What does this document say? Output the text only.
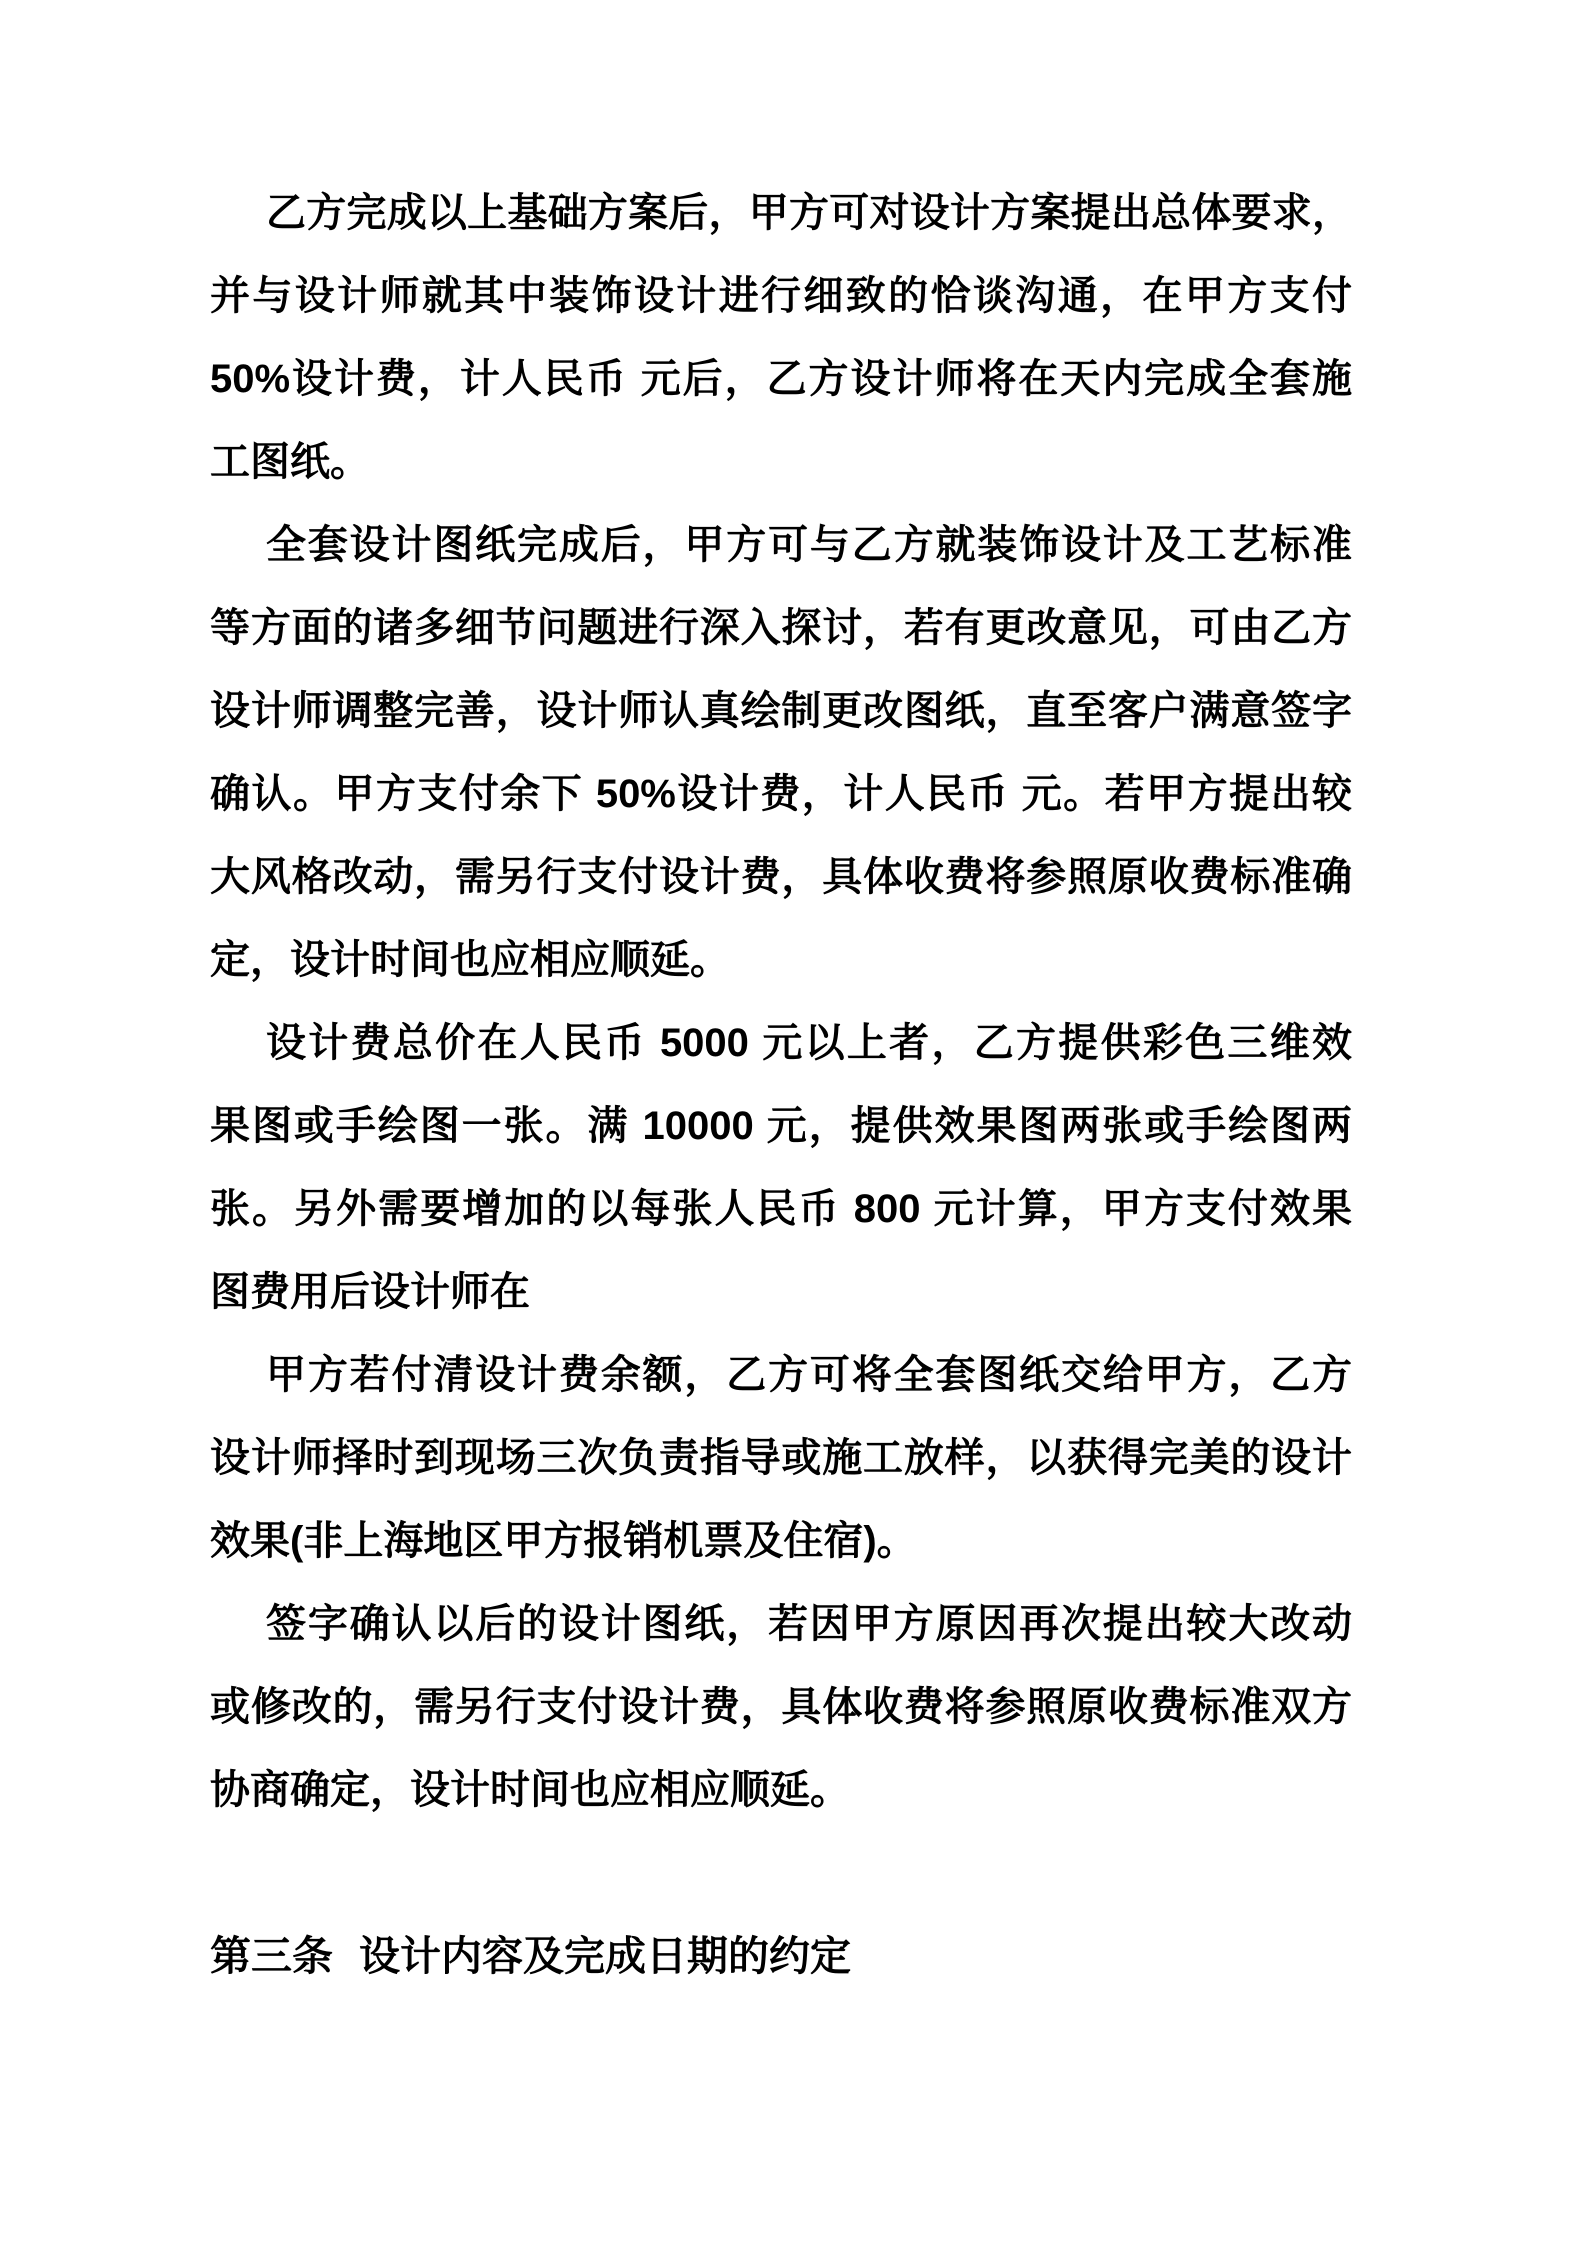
乙方完成以上基础方案后，甲方可对设计方案提出总体要求，
并与设计师就其中装饰设计进行细致的恰谈沟通，在甲方支付
50%设计费，计人民币 元后，乙方设计师将在天内完成全套施
工图纸。

全套设计图纸完成后，甲方可与乙方就装饰设计及工艺标准
等方面的诸多细节问题进行深入探讨，若有更改意见，可由乙方
设计师调整完善，设计师认真绘制更改图纸，直至客户满意签字
确认。甲方支付余下 50%设计费，计人民币 元。若甲方提出较
大风格改动，需另行支付设计费，具体收费将参照原收费标准确
定，设计时间也应相应顺延。

设计费总价在人民币 5000 元以上者，乙方提供彩色三维效
果图或手绘图一张。满 10000 元，提供效果图两张或手绘图两
张。另外需要增加的以每张人民币 800 元计算，甲方支付效果
图费用后设计师在

甲方若付清设计费余额，乙方可将全套图纸交给甲方，乙方
设计师择时到现场三次负责指导或施工放样，以获得完美的设计
效果(非上海地区甲方报销机票及住宿)。

签字确认以后的设计图纸，若因甲方原因再次提出较大改动
或修改的，需另行支付设计费，具体收费将参照原收费标准双方
协商确定，设计时间也应相应顺延。

第三条 设计内容及完成日期的约定
